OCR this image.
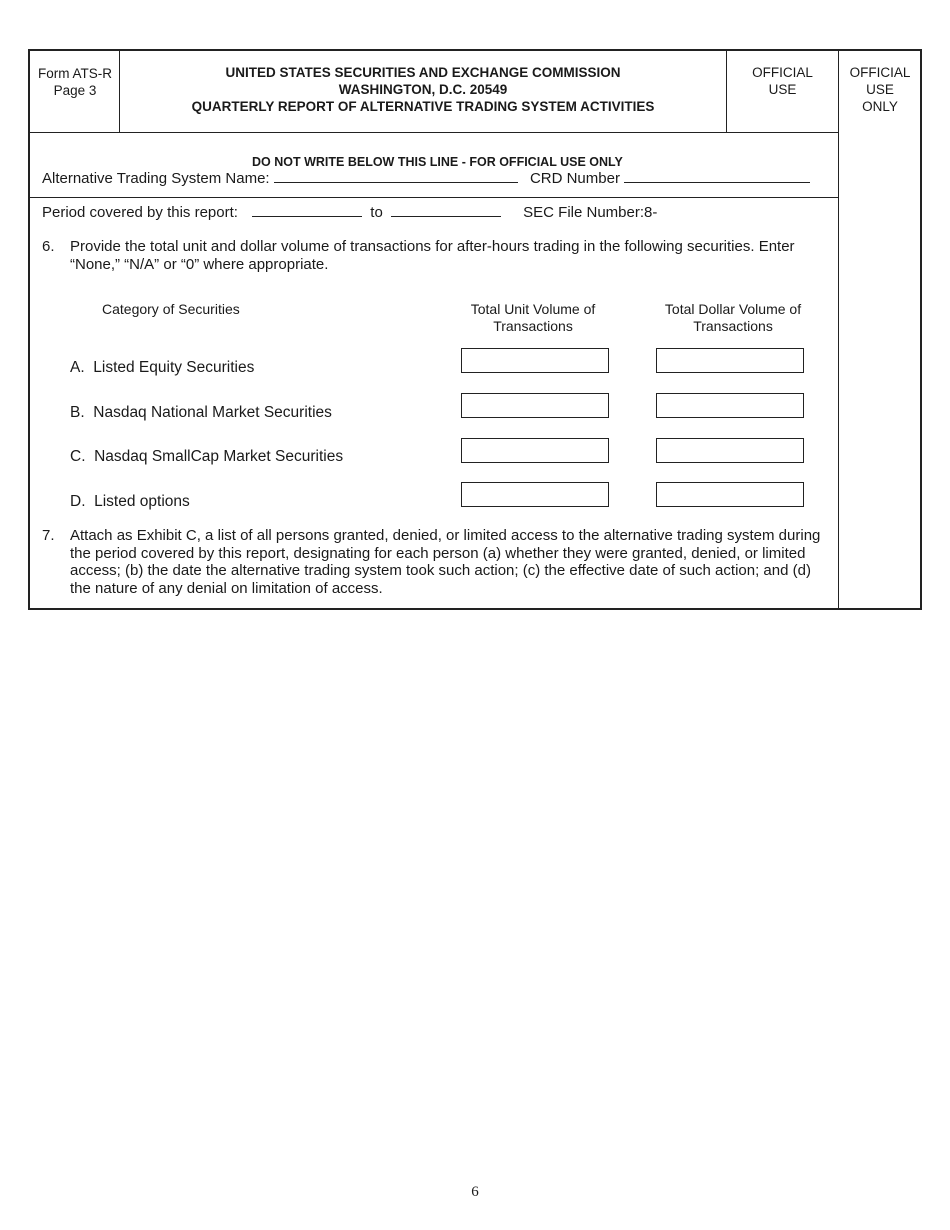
Form ATS-R
Page 3
UNITED STATES SECURITIES AND EXCHANGE COMMISSION
WASHINGTON, D.C. 20549
QUARTERLY REPORT OF ALTERNATIVE TRADING SYSTEM ACTIVITIES
OFFICIAL
USE
OFFICIAL
USE
ONLY
DO NOT WRITE BELOW THIS LINE - FOR OFFICIAL USE ONLY
Alternative Trading System Name:	CRD Number
Period covered by this report:	to	SEC File Number:8-
6. Provide the total unit and dollar volume of transactions for after-hours trading in the following securities. Enter “None,” “N/A” or “0” where appropriate.
Category of Securities	Total Unit Volume of
Transactions
Total Dollar Volume of
Transactions
A.  Listed Equity Securities
B.  Nasdaq National Market Securities
C.  Nasdaq SmallCap Market Securities
D.  Listed options
7. Attach as Exhibit C, a list of all persons granted, denied, or limited access to the alternative trading system during the period covered by this report, designating for each person (a) whether they were granted, denied, or limited access; (b) the date the alternative trading system took such action; (c) the effective date of such action; and (d) the nature of any denial on limitation of access.
6
